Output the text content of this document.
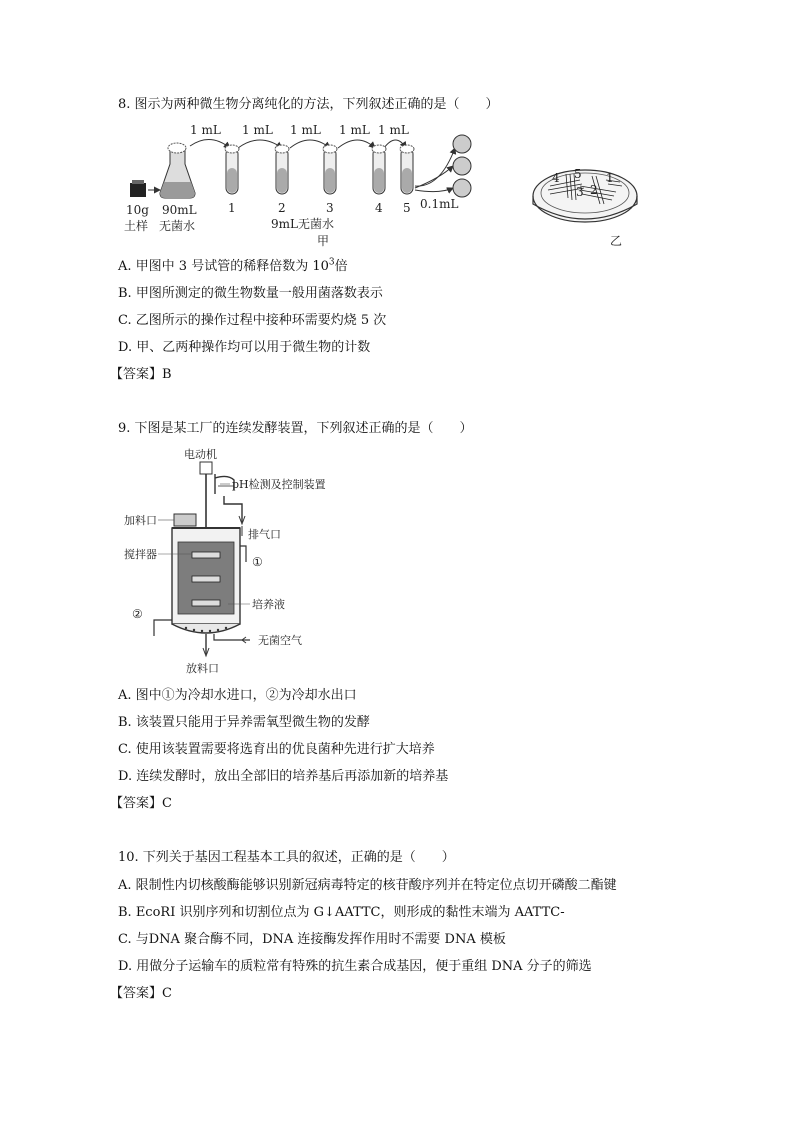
8. 图示为两种微生物分离纯化的方法，下列叙述正确的是（　　）
1 mL 1 mL 1 mL 1 mL 1 mL
10g
土样
90mL
无菌水
1	2	3	4 5 0.1mL
9mL无菌水
甲
5 1
2
3
4
乙
A. 甲图中 3 号试管的稀释倍数为 $10^3$倍
B. 甲图所测定的微生物数量一般用菌落数表示
C. 乙图所示的操作过程中接种环需要灼烧 5 次
D. 甲、乙两种操作均可以用于微生物的计数
【答案】B
9. 下图是某工厂的连续发酵装置，下列叙述正确的是（　　）
电动机
pH检测及控制装置
排气口
加料口
搅拌器
①
培养液
②
无菌空气
放料口
A. 图中①为冷却水进口，②为冷却水出口
B. 该装置只能用于异养需氧型微生物的发酵
C. 使用该装置需要将选育出的优良菌种先进行扩大培养
D. 连续发酵时，放出全部旧的培养基后再添加新的培养基
【答案】C
10. 下列关于基因工程基本工具的叙述，正确的是（　　）
A. 限制性内切核酸酶能够识别新冠病毒特定的核苷酸序列并在特定位点切开磷酸二酯键
B. EcoRI 识别序列和切割位点为 G↓AATTC，则形成的黏性末端为 AATTC-
C. 与DNA 聚合酶不同，DNA 连接酶发挥作用时不需要 DNA 模板
D. 用做分子运输车的质粒常有特殊的抗生素合成基因，便于重组 DNA 分子的筛选
【答案】C
